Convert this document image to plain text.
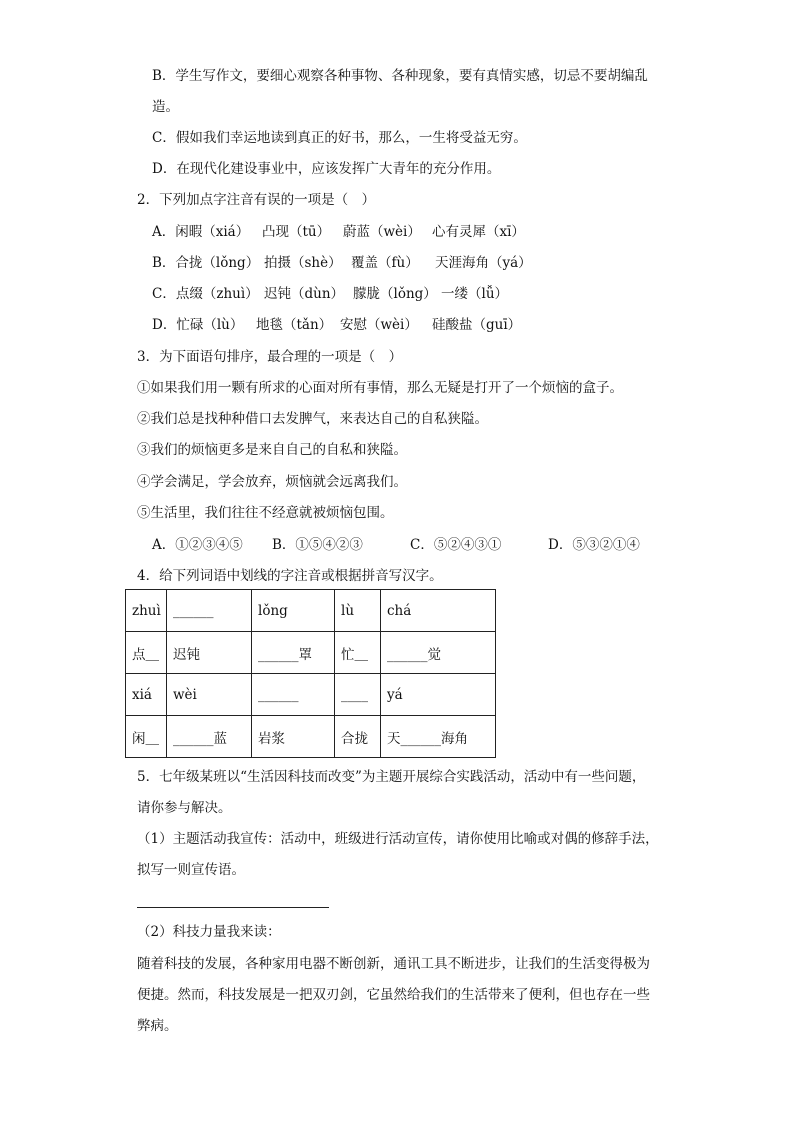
B．学生写作文，要细心观察各种事物、各种现象，要有真情实感，切忌不要胡编乱
造。
C．假如我们幸运地读到真正的好书，那么，一生将受益无穷。
D．在现代化建设事业中，应该发挥广大青年的充分作用。
2．下列加点字注音有误的一项是（　）
A．闲暇（xiá） 凸现（tū） 蔚蓝（wèi） 心有灵犀（xī）
B．合拢（lǒng） 拍摄（shè） 覆盖（fù） 天涯海角（yá）
C．点缀（zhuì） 迟钝（dùn） 朦胧（lǒng） 一缕（lǚ）
D．忙碌（lù） 地毯（tǎn） 安慰（wèi） 硅酸盐（guī）
3．为下面语句排序，最合理的一项是（　）
①如果我们用一颗有所求的心面对所有事情，那么无疑是打开了一个烦恼的盒子。
②我们总是找种种借口去发脾气，来表达自己的自私狭隘。
③我们的烦恼更多是来自自己的自私和狭隘。
④学会满足，学会放弃，烦恼就会远离我们。
⑤生活里，我们往往不经意就被烦恼包围。
A．①②③④⑤ B．①⑤④②③	C．⑤②④③①	D．⑤③②①④
4．给下列词语中划线的字注音或根据拼音写汉字。
zhuì	______	lǒng	lù	chá
点＿	迟钝	______罩	忙＿	______觉
xiá	wèi	______	____	yá
闲＿	______蓝	岩浆	合拢	天______海角
5．七年级某班以“生活因科技而改变”为主题开展综合实践活动，活动中有一些问题，
请你参与解决。
（1）主题活动我宣传：活动中，班级进行活动宣传，请你使用比喻或对偶的修辞手法，
拟写一则宣传语。
（2）科技力量我来读：
随着科技的发展，各种家用电器不断创新，通讯工具不断进步，让我们的生活变得极为
便捷。然而，科技发展是一把双刃剑，它虽然给我们的生活带来了便利，但也存在一些
弊病。
